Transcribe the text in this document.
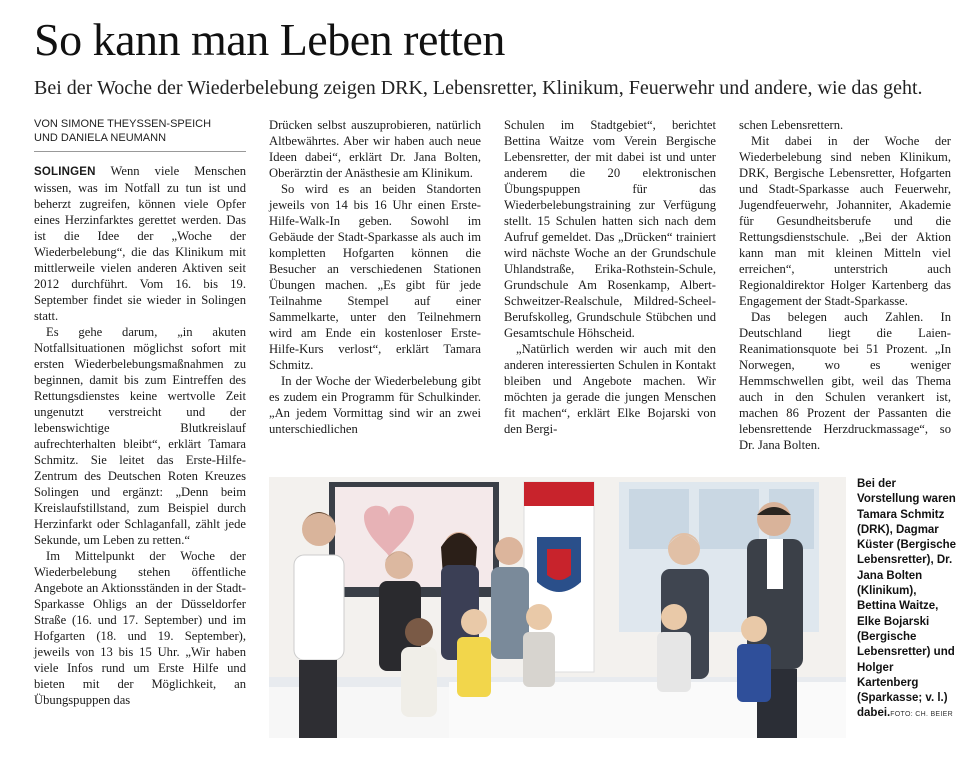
So kann man Leben retten

Bei der Woche der Wiederbelebung zeigen DRK, Lebensretter, Klinikum, Feuerwehr und andere, wie das geht.

VON SIMONE THEYSSEN-SPEICH
UND DANIELA NEUMANN

SOLINGEN Wenn viele Menschen wissen, was im Notfall zu tun ist und beherzt zugreifen, können viele Opfer eines Herzinfarktes gerettet werden. Das ist die Idee der „Woche der Wiederbelebung“, die das Klinikum mit mittlerweile vielen anderen Aktiven seit 2012 durchführt. Vom 16. bis 19. September findet sie wieder in Solingen statt.

Es gehe darum, „in akuten Notfallsituationen möglichst sofort mit ersten Wiederbelebungsmaßnahmen zu beginnen, damit bis zum Eintreffen des Rettungsdienstes keine wertvolle Zeit ungenutzt verstreicht und der lebenswichtige Blutkreislauf aufrechterhalten bleibt“, erklärt Tamara Schmitz. Sie leitet das Erste-Hilfe-Zentrum des Deutschen Roten Kreuzes Solingen und ergänzt: „Denn beim Kreislaufstillstand, zum Beispiel durch Herzinfarkt oder Schlaganfall, zählt jede Sekunde, um Leben zu retten.“

Im Mittelpunkt der Woche der Wiederbelebung stehen öffentliche Angebote an Aktionsständen in der Stadt-Sparkasse Ohligs an der Düsseldorfer Straße (16. und 17. September) und im Hofgarten (18. und 19. September), jeweils von 13 bis 15 Uhr. „Wir haben viele Infos rund um Erste Hilfe und bieten mit der Möglichkeit, an Übungspuppen das

Drücken selbst auszuprobieren, natürlich Altbewährtes. Aber wir haben auch neue Ideen dabei“, erklärt Dr. Jana Bolten, Oberärztin der Anästhesie am Klinikum.

So wird es an beiden Standorten jeweils von 14 bis 16 Uhr einen Erste-Hilfe-Walk-In geben. Sowohl im Gebäude der Stadt-Sparkasse als auch im kompletten Hofgarten können die Besucher an verschiedenen Stationen Übungen machen. „Es gibt für jede Teilnahme Stempel auf einer Sammelkarte, unter den Teilnehmern wird am Ende ein kostenloser Erste-Hilfe-Kurs verlost“, erklärt Tamara Schmitz.

In der Woche der Wiederbelebung gibt es zudem ein Programm für Schulkinder. „An jedem Vormittag sind wir an zwei unterschiedlichen

Schulen im Stadtgebiet“, berichtet Bettina Waitze vom Verein Bergische Lebensretter, der mit dabei ist und unter anderem die 20 elektronischen Übungspuppen für das Wiederbelebungstraining zur Verfügung stellt. 15 Schulen hatten sich nach dem Aufruf gemeldet. Das „Drücken“ trainiert wird nächste Woche an der Grundschule Uhlandstraße, Erika-Rothstein-Schule, Grundschule Am Rosenkamp, Albert-Schweitzer-Realschule, Mildred-Scheel-Berufskolleg, Grundschule Stübchen und Gesamtschule Höhscheid.

„Natürlich werden wir auch mit den anderen interessierten Schulen in Kontakt bleiben und Angebote machen. Wir möchten ja gerade die jungen Menschen fit machen“, erklärt Elke Bojarski von den Bergi-

schen Lebensrettern.

Mit dabei in der Woche der Wiederbelebung sind neben Klinikum, DRK, Bergische Lebensretter, Hofgarten und Stadt-Sparkasse auch Feuerwehr, Jugendfeuerwehr, Johanniter, Akademie für Gesundheitsberufe und die Rettungsdienstschule. „Bei der Aktion kann man mit kleinen Mitteln viel erreichen“, unterstrich auch Regionaldirektor Holger Kartenberg das Engagement der Stadt-Sparkasse.

Das belegen auch Zahlen. In Deutschland liegt die Laien-Reanimationsquote bei 51 Prozent. „In Norwegen, wo es weniger Hemmschwellen gibt, weil das Thema auch in den Schulen verankert ist, machen 86 Prozent der Passanten die lebensrettende Herzdruckmassage“, so Dr. Jana Bolten.

Bei der Vorstellung waren Tamara Schmitz (DRK), Dagmar Küster (Bergische Lebensretter), Dr. Jana Bolten (Klinikum), Bettina Waitze, Elke Bojarski (Bergische Lebensretter) und Holger Kartenberg (Sparkasse; v. l.) dabei.FOTO: CH. BEIER
